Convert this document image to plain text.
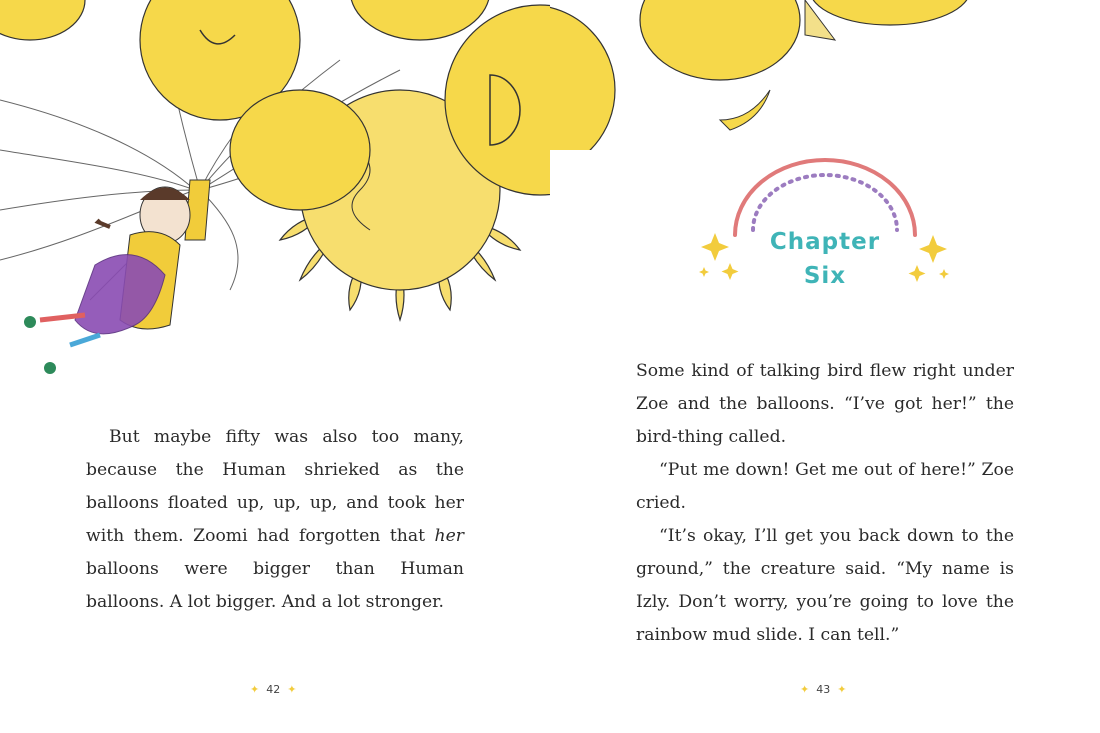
But maybe fifty was also too many, because the Human shrieked as the balloons floated up, up, up, and took her with them. Zoomi had forgotten that her balloons were bigger than Human balloons. A lot bigger. And a lot stronger.

✦ 42 ✦
Chapter
Six

Some kind of talking bird flew right under Zoe and the balloons. “I’ve got her!” the bird-thing called.

“Put me down! Get me out of here!” Zoe cried.

“It’s okay, I’ll get you back down to the ground,” the creature said. “My name is Izly. Don’t worry, you’re going to love the rainbow mud slide. I can tell.”

✦ 43 ✦
